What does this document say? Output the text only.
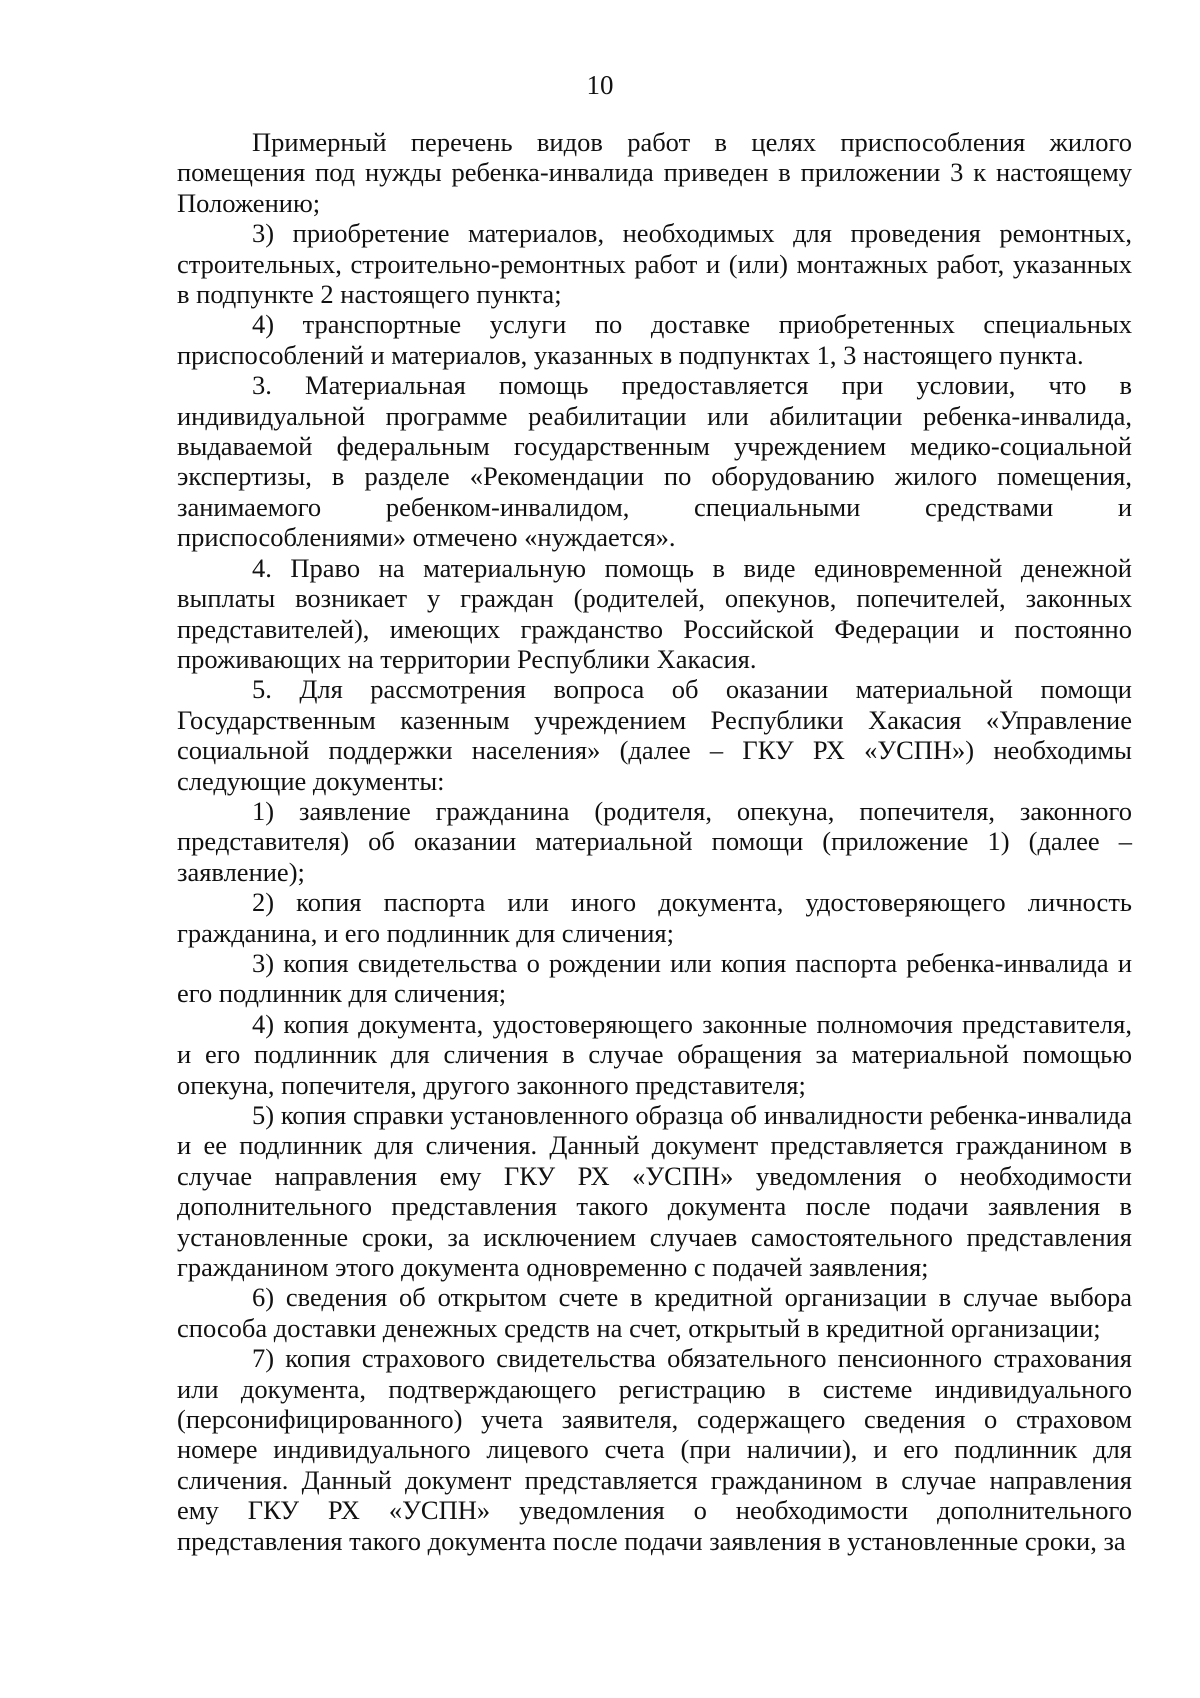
10

Примерный перечень видов работ в целях приспособления жилого помещения под нужды ребенка-инвалида приведен в приложении 3 к настоящему Положению;

3) приобретение материалов, необходимых для проведения ремонтных, строительных, строительно-ремонтных работ и (или) монтажных работ, указанных в подпункте 2 настоящего пункта;

4) транспортные услуги по доставке приобретенных специальных приспособлений и материалов, указанных в подпунктах 1, 3 настоящего пункта.

3. Материальная помощь предоставляется при условии, что в индивидуальной программе реабилитации или абилитации ребенка-инвалида, выдаваемой федеральным государственным учреждением медико-социальной экспертизы, в разделе «Рекомендации по оборудованию жилого помещения, занимаемого ребенком-инвалидом, специальными средствами и приспособлениями» отмечено «нуждается».

4. Право на материальную помощь в виде единовременной денежной выплаты возникает у граждан (родителей, опекунов, попечителей, законных представителей), имеющих гражданство Российской Федерации и постоянно проживающих на территории Республики Хакасия.

5. Для рассмотрения вопроса об оказании материальной помощи Государственным казенным учреждением Республики Хакасия «Управление социальной поддержки населения» (далее – ГКУ РХ «УСПН») необходимы следующие документы:

1) заявление гражданина (родителя, опекуна, попечителя, законного представителя) об оказании материальной помощи (приложение 1) (далее – заявление);

2) копия паспорта или иного документа, удостоверяющего личность гражданина, и его подлинник для сличения;

3) копия свидетельства о рождении или копия паспорта ребенка-инвалида и его подлинник для сличения;

4) копия документа, удостоверяющего законные полномочия представителя, и его подлинник для сличения в случае обращения за материальной помощью опекуна, попечителя, другого законного представителя;

5) копия справки установленного образца об инвалидности ребенка-инвалида и ее подлинник для сличения. Данный документ представляется гражданином в случае направления ему ГКУ РХ «УСПН» уведомления о необходимости дополнительного представления такого документа после подачи заявления в установленные сроки, за исключением случаев самостоятельного представления гражданином этого документа одновременно с подачей заявления;

6) сведения об открытом счете в кредитной организации в случае выбора способа доставки денежных средств на счет, открытый в кредитной организации;

7) копия страхового свидетельства обязательного пенсионного страхования или документа, подтверждающего регистрацию в системе индивидуального (персонифицированного) учета заявителя, содержащего сведения о страховом номере индивидуального лицевого счета (при наличии), и его подлинник для сличения. Данный документ представляется гражданином в случае направления ему ГКУ РХ «УСПН» уведомления о необходимости дополнительного представления такого документа после подачи заявления в установленные сроки, за
